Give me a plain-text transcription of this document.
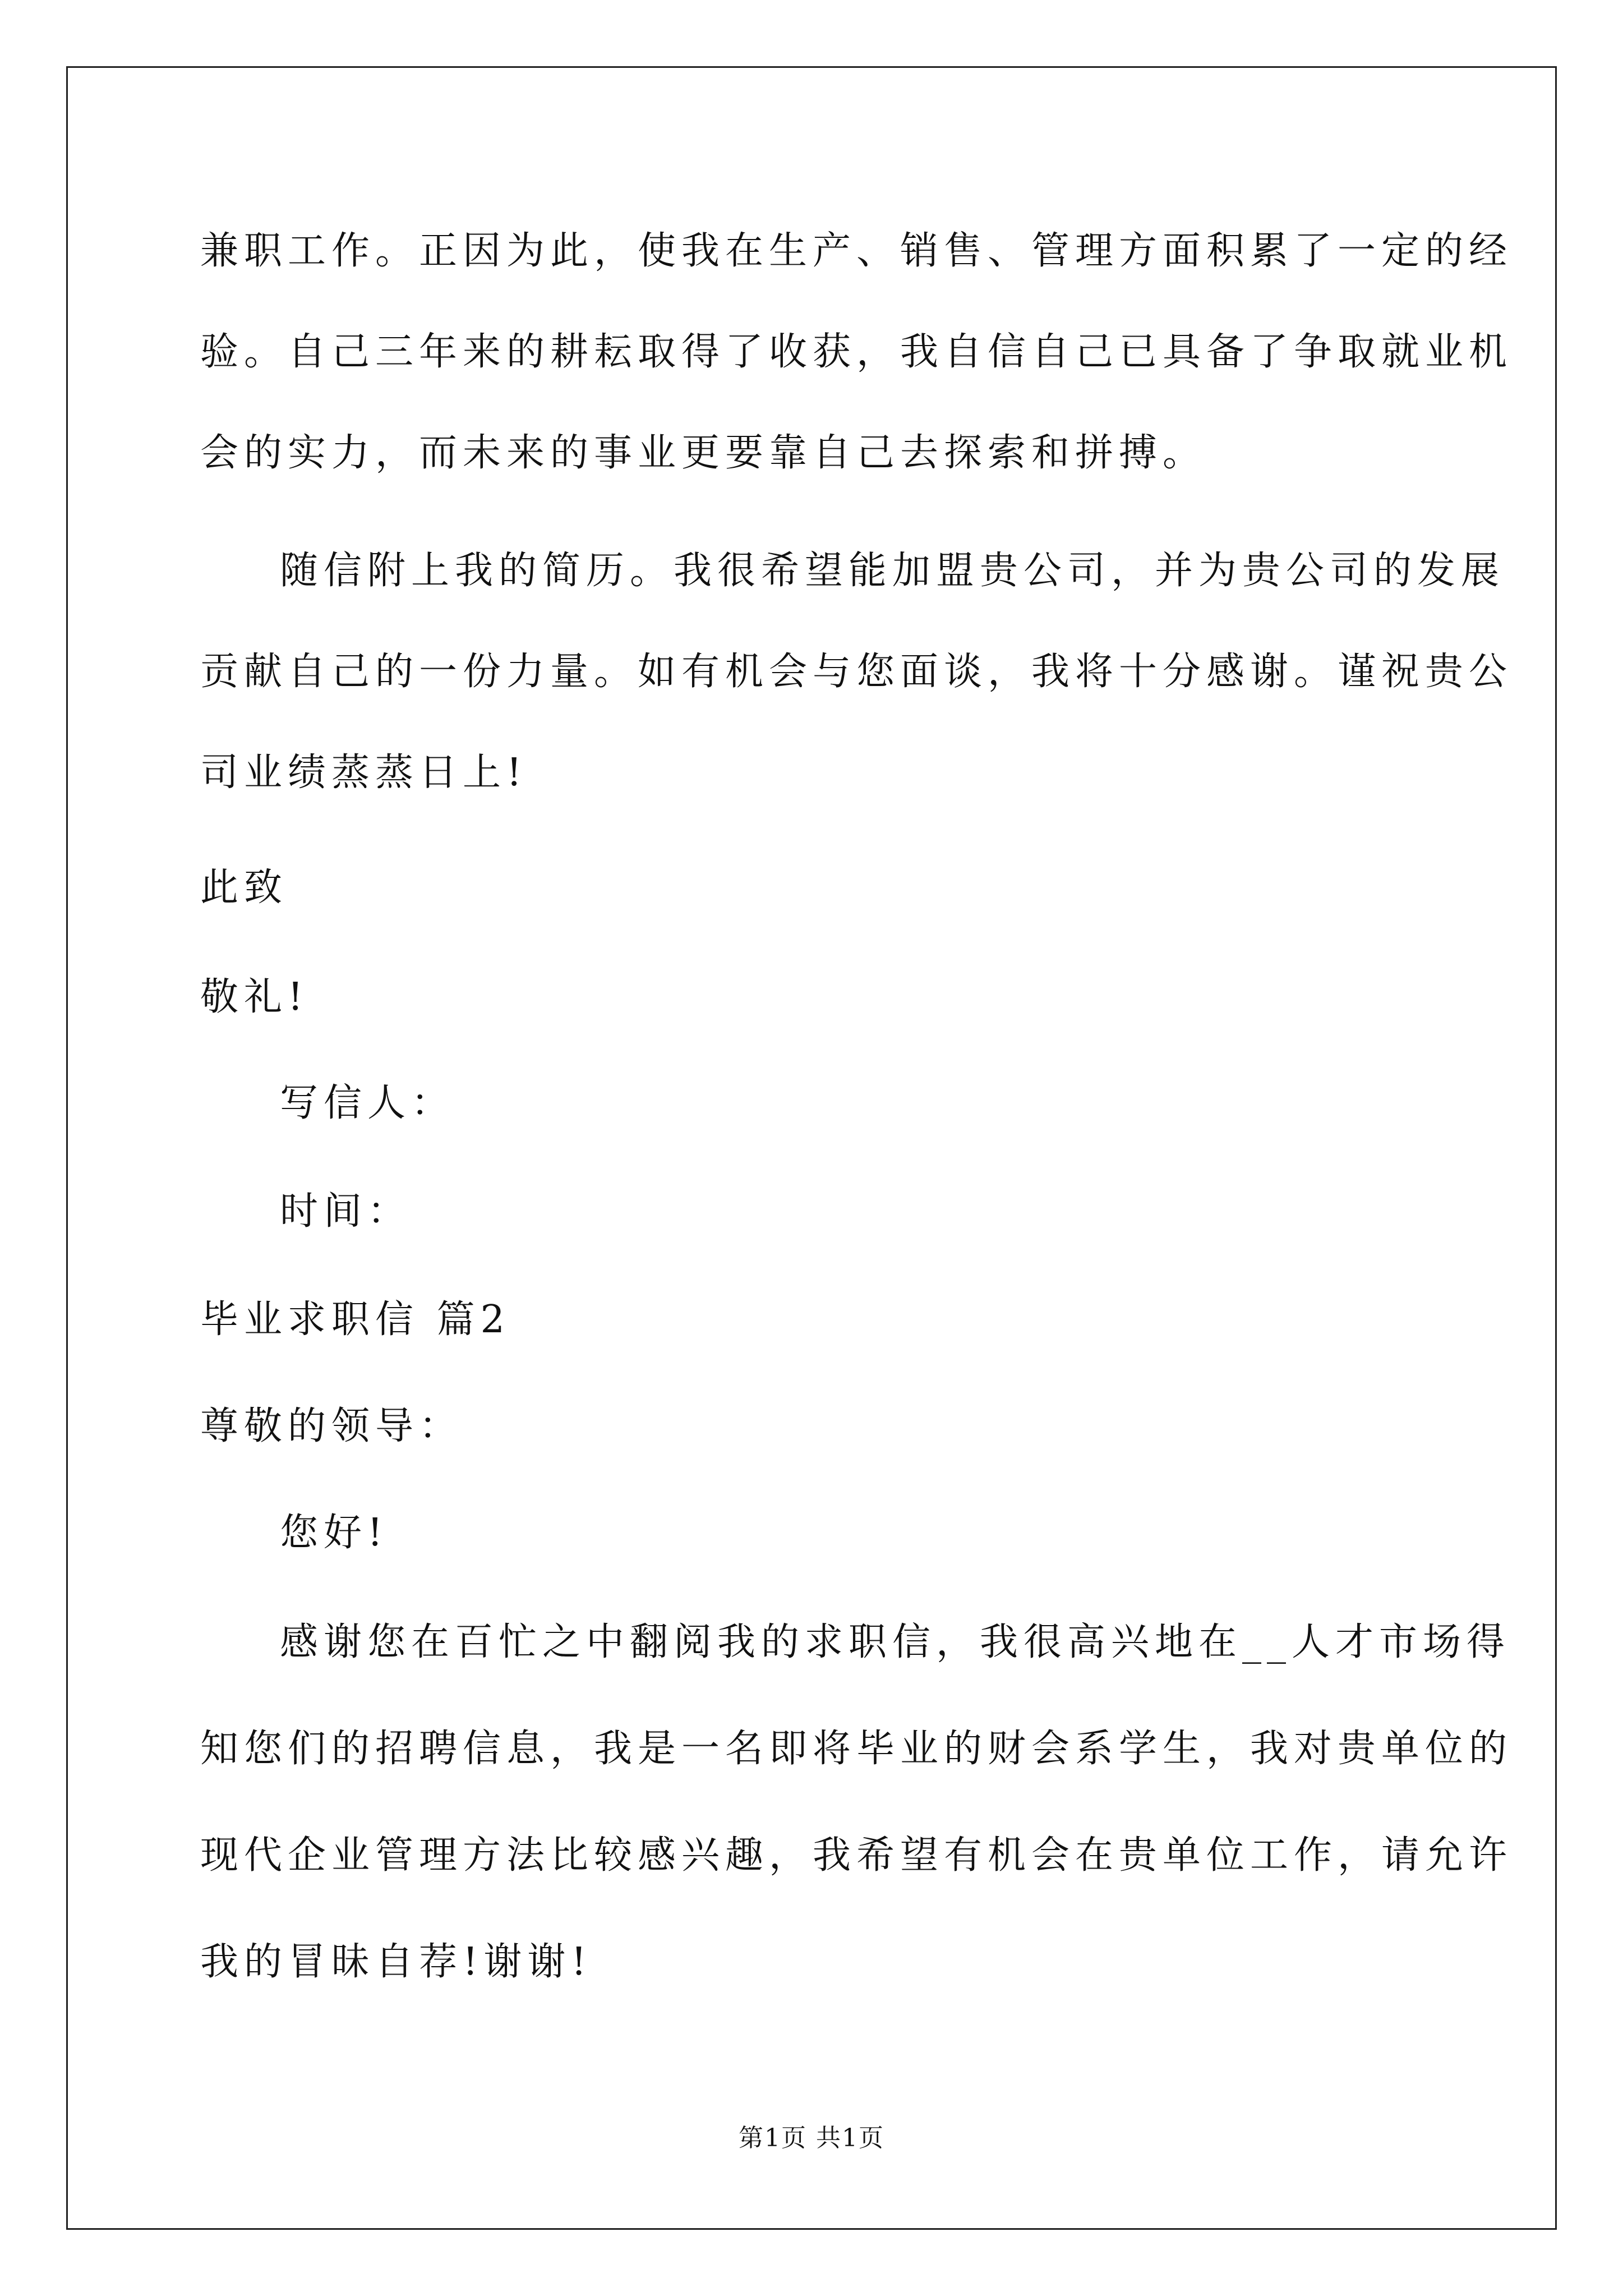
兼职工作。正因为此，使我在生产、销售、管理方面积累了一定的经
验。自己三年来的耕耘取得了收获，我自信自己已具备了争取就业机
会的实力，而未来的事业更要靠自己去探索和拼搏。
随信附上我的简历。我很希望能加盟贵公司，并为贵公司的发展
贡献自己的一份力量。如有机会与您面谈，我将十分感谢。谨祝贵公
司业绩蒸蒸日上!
此致
敬礼!
写信人：
时间：
毕业求职信 篇2
尊敬的领导：
您好!
感谢您在百忙之中翻阅我的求职信，我很高兴地在__人才市场得
知您们的招聘信息，我是一名即将毕业的财会系学生，我对贵单位的
现代企业管理方法比较感兴趣，我希望有机会在贵单位工作，请允许
我的冒昧自荐!谢谢!
第1页 共1页
